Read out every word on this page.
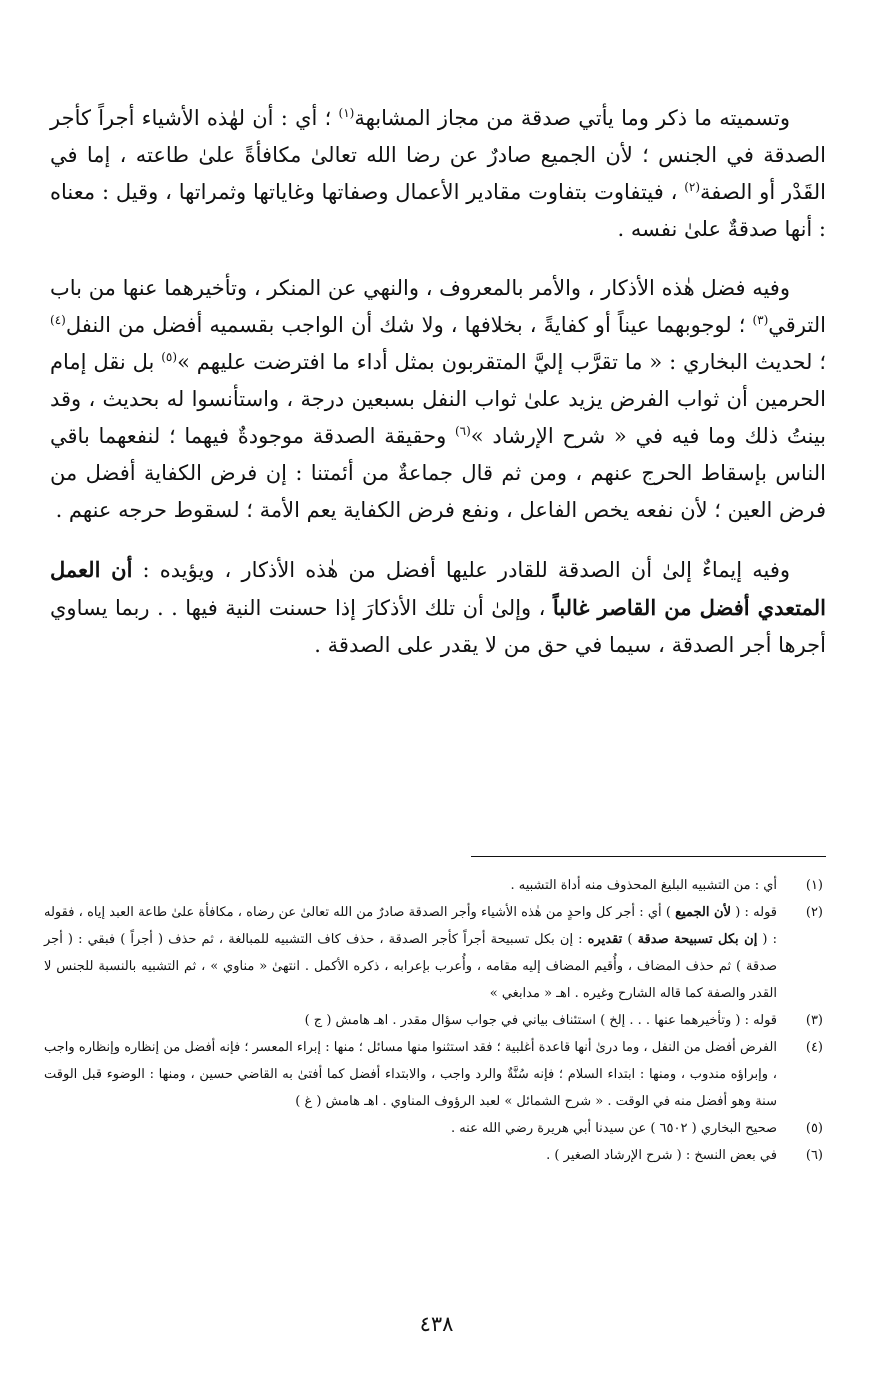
وتسميته ما ذكر وما يأتي صدقة من مجاز المشابهة$^{(١)}$ ؛ أي : أن لهٰذه الأشياء أجراً كأجر الصدقة في الجنس ؛ لأن الجميع صادرٌ عن رضا الله تعالىٰ مكافأةً علىٰ طاعته ، إما في القَدْر أو الصفة$^{(٢)}$ ، فيتفاوت بتفاوت مقادير الأعمال وصفاتها وغاياتها وثمراتها ، وقيل : معناه : أنها صدقةٌ علىٰ نفسه .

وفيه فضل هٰذه الأذكار ، والأمر بالمعروف ، والنهي عن المنكر ، وتأخيرهما عنها من باب الترقي$^{(٣)}$ ؛ لوجوبهما عيناً أو كفايةً ، بخلافها ، ولا شك أن الواجب بقسميه أفضل من النفل$^{(٤)}$ ؛ لحديث البخاري : « ما تقرَّب إليَّ المتقربون بمثل أداء ما افترضت عليهم »$^{(٥)}$ بل نقل إمام الحرمين أن ثواب الفرض يزيد علىٰ ثواب النفل بسبعين درجة ، واستأنسوا له بحديث ، وقد بينتُ ذلك وما فيه في « شرح الإرشاد »$^{(٦)}$ وحقيقة الصدقة موجودةٌ فيهما ؛ لنفعهما باقي الناس بإسقاط الحرج عنهم ، ومن ثم قال جماعةٌ من أئمتنا : إن فرض الكفاية أفضل من فرض العين ؛ لأن نفعه يخص الفاعل ، ونفع فرض الكفاية يعم الأمة ؛ لسقوط حرجه عنهم .

وفيه إيماءٌ إلىٰ أن الصدقة للقادر عليها أفضل من هٰذه الأذكار ، ويؤيده : أن العمل المتعدي أفضل من القاصر غالباً ، وإلىٰ أن تلك الأذكارَ إذا حسنت النية فيها . . ربما يساوي أجرها أجر الصدقة ، سيما في حق من لا يقدر على الصدقة .

(١)
أي : من التشبيه البليغ المحذوف منه أداة التشبيه .
(٢)
قوله : ( لأن الجميع ) أي : أجر كل واحدٍ من هٰذه الأشياء وأجر الصدقة صادرٌ من الله تعالىٰ عن رضاه ، مكافأة علىٰ طاعة العبد إياه ، فقوله : ( إن بكل تسبيحة صدقة ) تقديره : إن بكل تسبيحة أجراً كأجر الصدقة ، حذف كاف التشبيه للمبالغة ، ثم حذف ( أجراً ) فبقي : ( أجر صدقة ) ثم حذف المضاف ، وأُقيم المضاف إليه مقامه ، وأُعرب بإعرابه ، ذكره الأكمل . انتهىٰ « مناوي » ، ثم التشبيه بالنسبة للجنس لا القدر والصفة كما قاله الشارح وغيره . اهـ « مدابغي »
(٣)
قوله : ( وتأخيرهما عنها . . . إلخ ) استئناف بياني في جواب سؤال مقدر . اهـ هامش ( ج )
(٤)
الفرض أفضل من النفل ، وما درىٰ أنها قاعدة أغلبية ؛ فقد استثنوا منها مسائل ؛ منها : إبراء المعسر ؛ فإنه أفضل من إنظاره وإنظاره واجب ، وإبراؤه مندوب ، ومنها : ابتداء السلام ؛ فإنه سُنَّةٌ والرد واجب ، والابتداء أفضل كما أفتىٰ به القاضي حسين ، ومنها : الوضوء قبل الوقت سنة وهو أفضل منه في الوقت . « شرح الشمائل » لعبد الرؤوف المناوي . اهـ هامش ( غ )
(٥)
صحيح البخاري ( ٦٥٠٢ ) عن سيدنا أبي هريرة رضي الله عنه .
(٦)
في بعض النسخ : ( شرح الإرشاد الصغير ) .
٤٣٨
